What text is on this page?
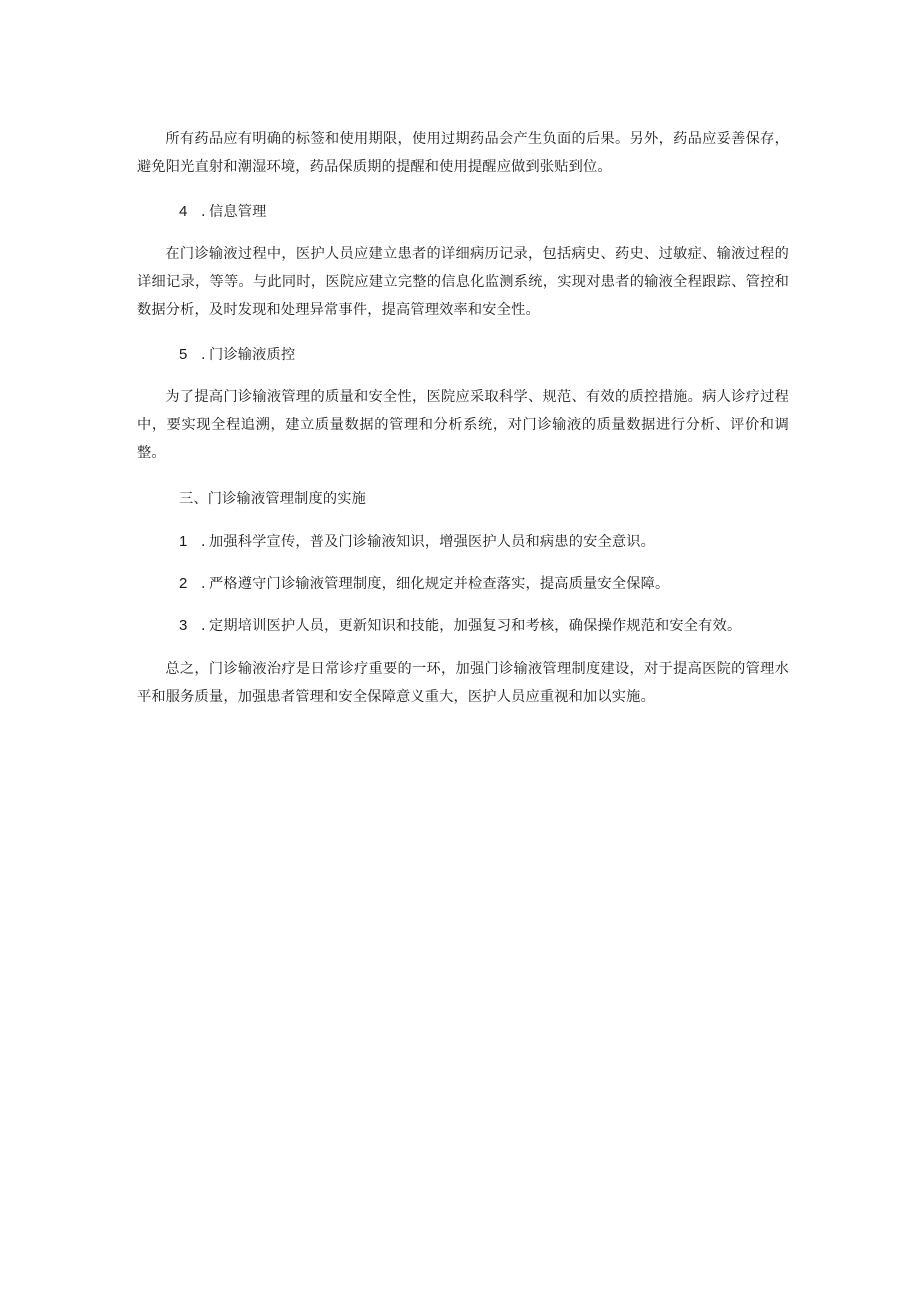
所有药品应有明确的标签和使用期限，使用过期药品会产生负面的后果。另外，药品应妥善保存，避免阳光直射和潮湿环境，药品保质期的提醒和使用提醒应做到张贴到位。
4 . 信息管理
在门诊输液过程中，医护人员应建立患者的详细病历记录，包括病史、药史、过敏症、输液过程的详细记录，等等。与此同时，医院应建立完整的信息化监测系统，实现对患者的输液全程跟踪、管控和数据分析，及时发现和处理异常事件，提高管理效率和安全性。
5 . 门诊输液质控
为了提高门诊输液管理的质量和安全性，医院应采取科学、规范、有效的质控措施。病人诊疗过程中，要实现全程追溯，建立质量数据的管理和分析系统，对门诊输液的质量数据进行分析、评价和调整。
三、门诊输液管理制度的实施
1 . 加强科学宣传，普及门诊输液知识，增强医护人员和病患的安全意识。
2 . 严格遵守门诊输液管理制度，细化规定并检查落实，提高质量安全保障。
3 . 定期培训医护人员，更新知识和技能，加强复习和考核，确保操作规范和安全有效。
总之，门诊输液治疗是日常诊疗重要的一环，加强门诊输液管理制度建设，对于提高医院的管理水平和服务质量，加强患者管理和安全保障意义重大，医护人员应重视和加以实施。
